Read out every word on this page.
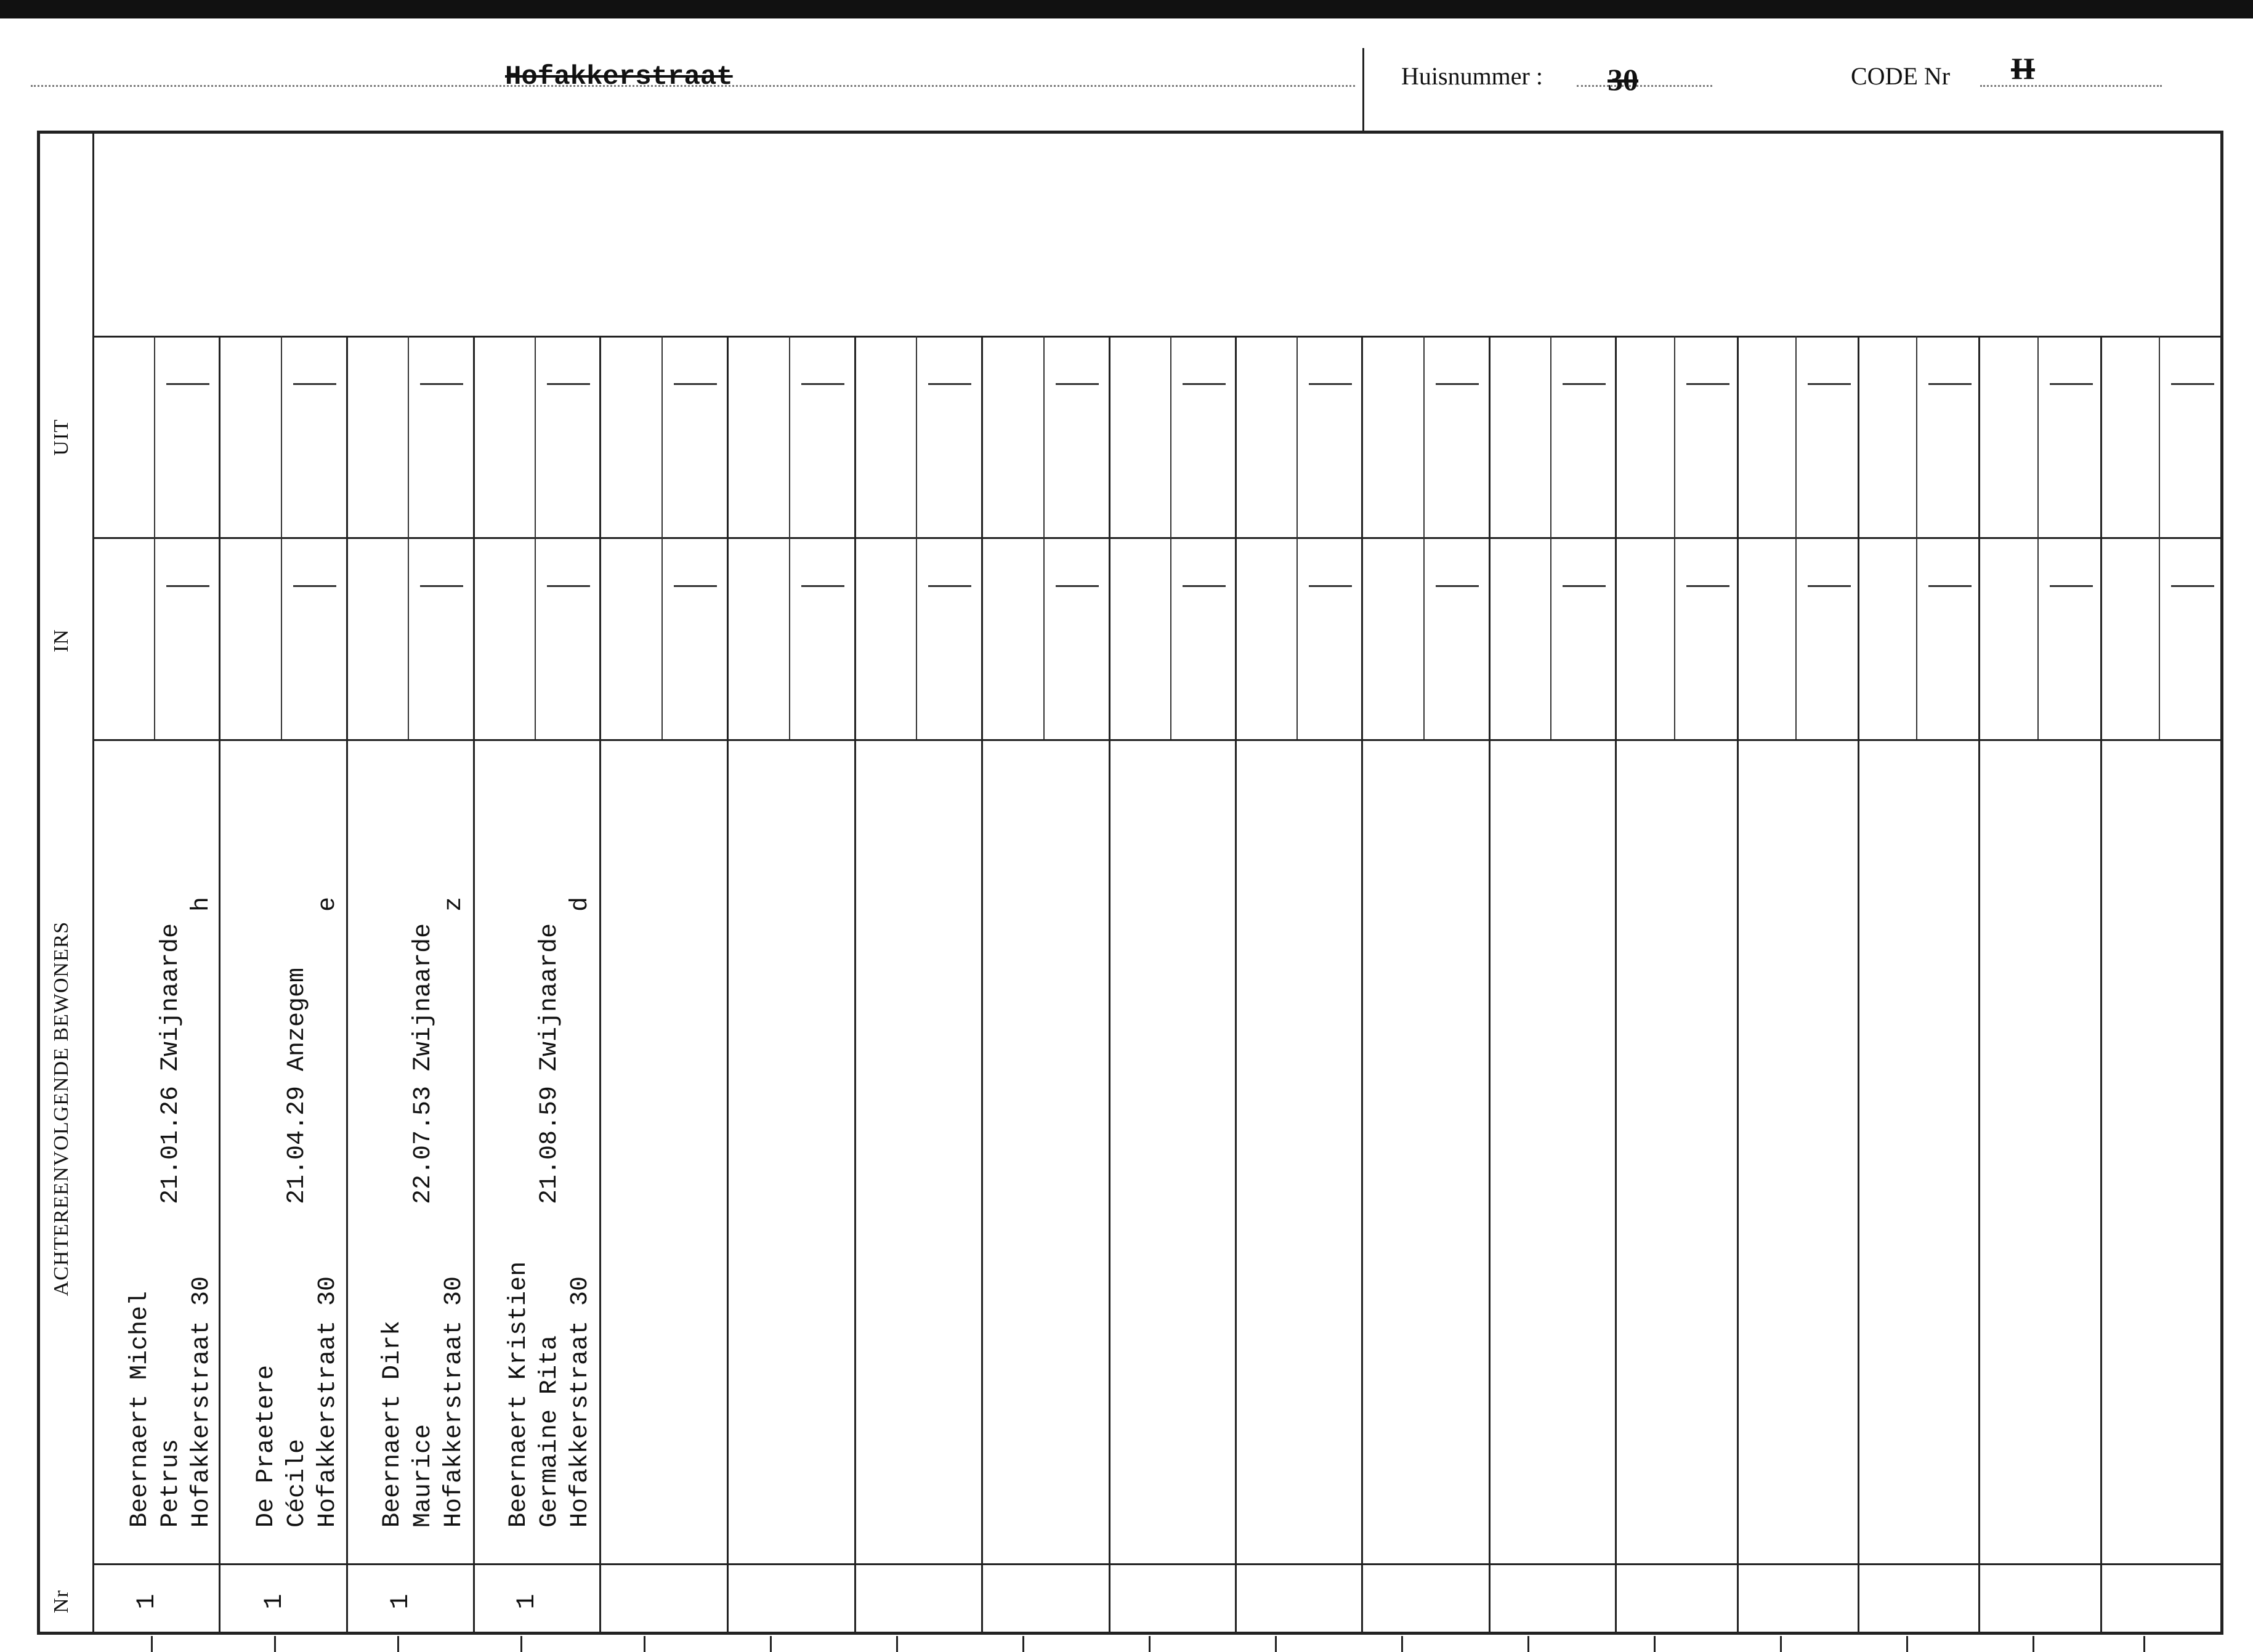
Hofakkerstraat	Huisnummer : 30	CODE Nr II
UIT
IN
ACHTEREENVOLGENDE BEWONERS
Nr
Beernaert Michel Petrus Hofakkerstraat 30
21.01.26 Zwijnaarde
h
1
De Praetere Cécile Hofakkerstraat 30
21.04.29 Anzegem
e
1
Beernaert Dirk Maurice Hofakkerstraat 30
22.07.53 Zwijnaarde
z
1
Beernaert Kristien Germaine Rita Hofakkerstraat 30
21.08.59 Zwijnaarde
d
1
